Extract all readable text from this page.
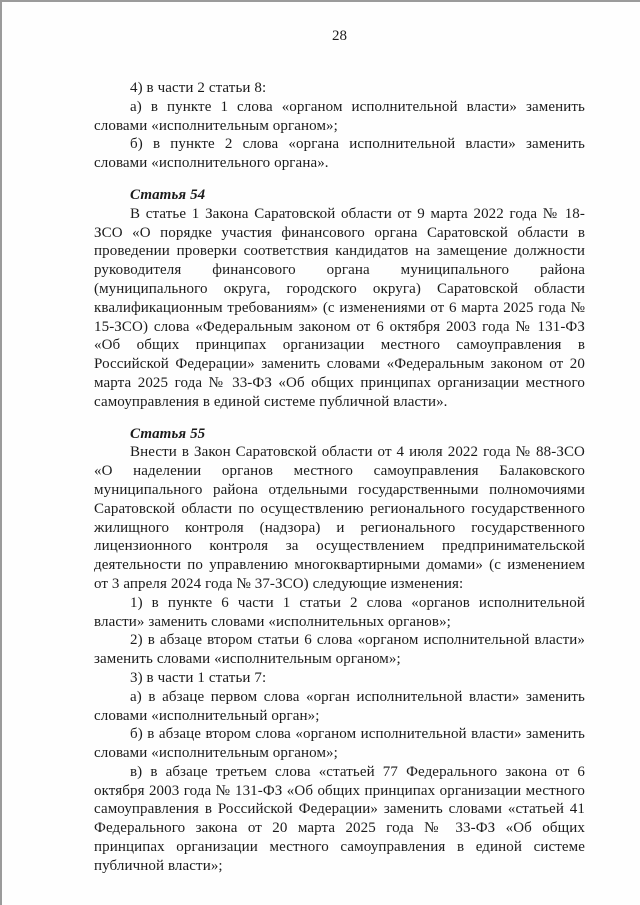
28

4) в части 2 статьи 8:

а) в пункте 1 слова «органом исполнительной власти» заменить словами «исполнительным органом»;

б) в пункте 2 слова «органа исполнительной власти» заменить словами «исполнительного органа».

Статья 54

В статье 1 Закона Саратовской области от 9 марта 2022 года № 18-ЗСО «О порядке участия финансового органа Саратовской области в проведении проверки соответствия кандидатов на замещение должности руководителя финансового органа муниципального района (муниципального округа, городского округа) Саратовской области квалификационным требованиям» (с изменениями от 6 марта 2025 года № 15-ЗСО) слова «Федеральным законом от 6 октября 2003 года № 131-ФЗ «Об общих принципах организации местного самоуправления в Российской Федерации» заменить словами «Федеральным законом от 20 марта 2025 года № 33-ФЗ «Об общих принципах организации местного самоуправления в единой системе публичной власти».

Статья 55

Внести в Закон Саратовской области от 4 июля 2022 года № 88-ЗСО «О наделении органов местного самоуправления Балаковского муниципального района отдельными государственными полномочиями Саратовской области по осуществлению регионального государственного жилищного контроля (надзора) и регионального государственного лицензионного контроля за осуществлением предпринимательской деятельности по управлению многоквартирными домами» (с изменением от 3 апреля 2024 года № 37-ЗСО) следующие изменения:

1) в пункте 6 части 1 статьи 2 слова «органов исполнительной власти» заменить словами «исполнительных органов»;

2) в абзаце втором статьи 6 слова «органом исполнительной власти» заменить словами «исполнительным органом»;

3) в части 1 статьи 7:

а) в абзаце первом слова «орган исполнительной власти» заменить словами «исполнительный орган»;

б) в абзаце втором слова «органом исполнительной власти» заменить словами «исполнительным органом»;

в) в абзаце третьем слова «статьей 77 Федерального закона от 6 октября 2003 года № 131-ФЗ «Об общих принципах организации местного самоуправления в Российской Федерации» заменить словами «статьей 41 Федерального закона от 20 марта 2025 года № 33-ФЗ «Об общих принципах организации местного самоуправления в единой системе публичной власти»;
